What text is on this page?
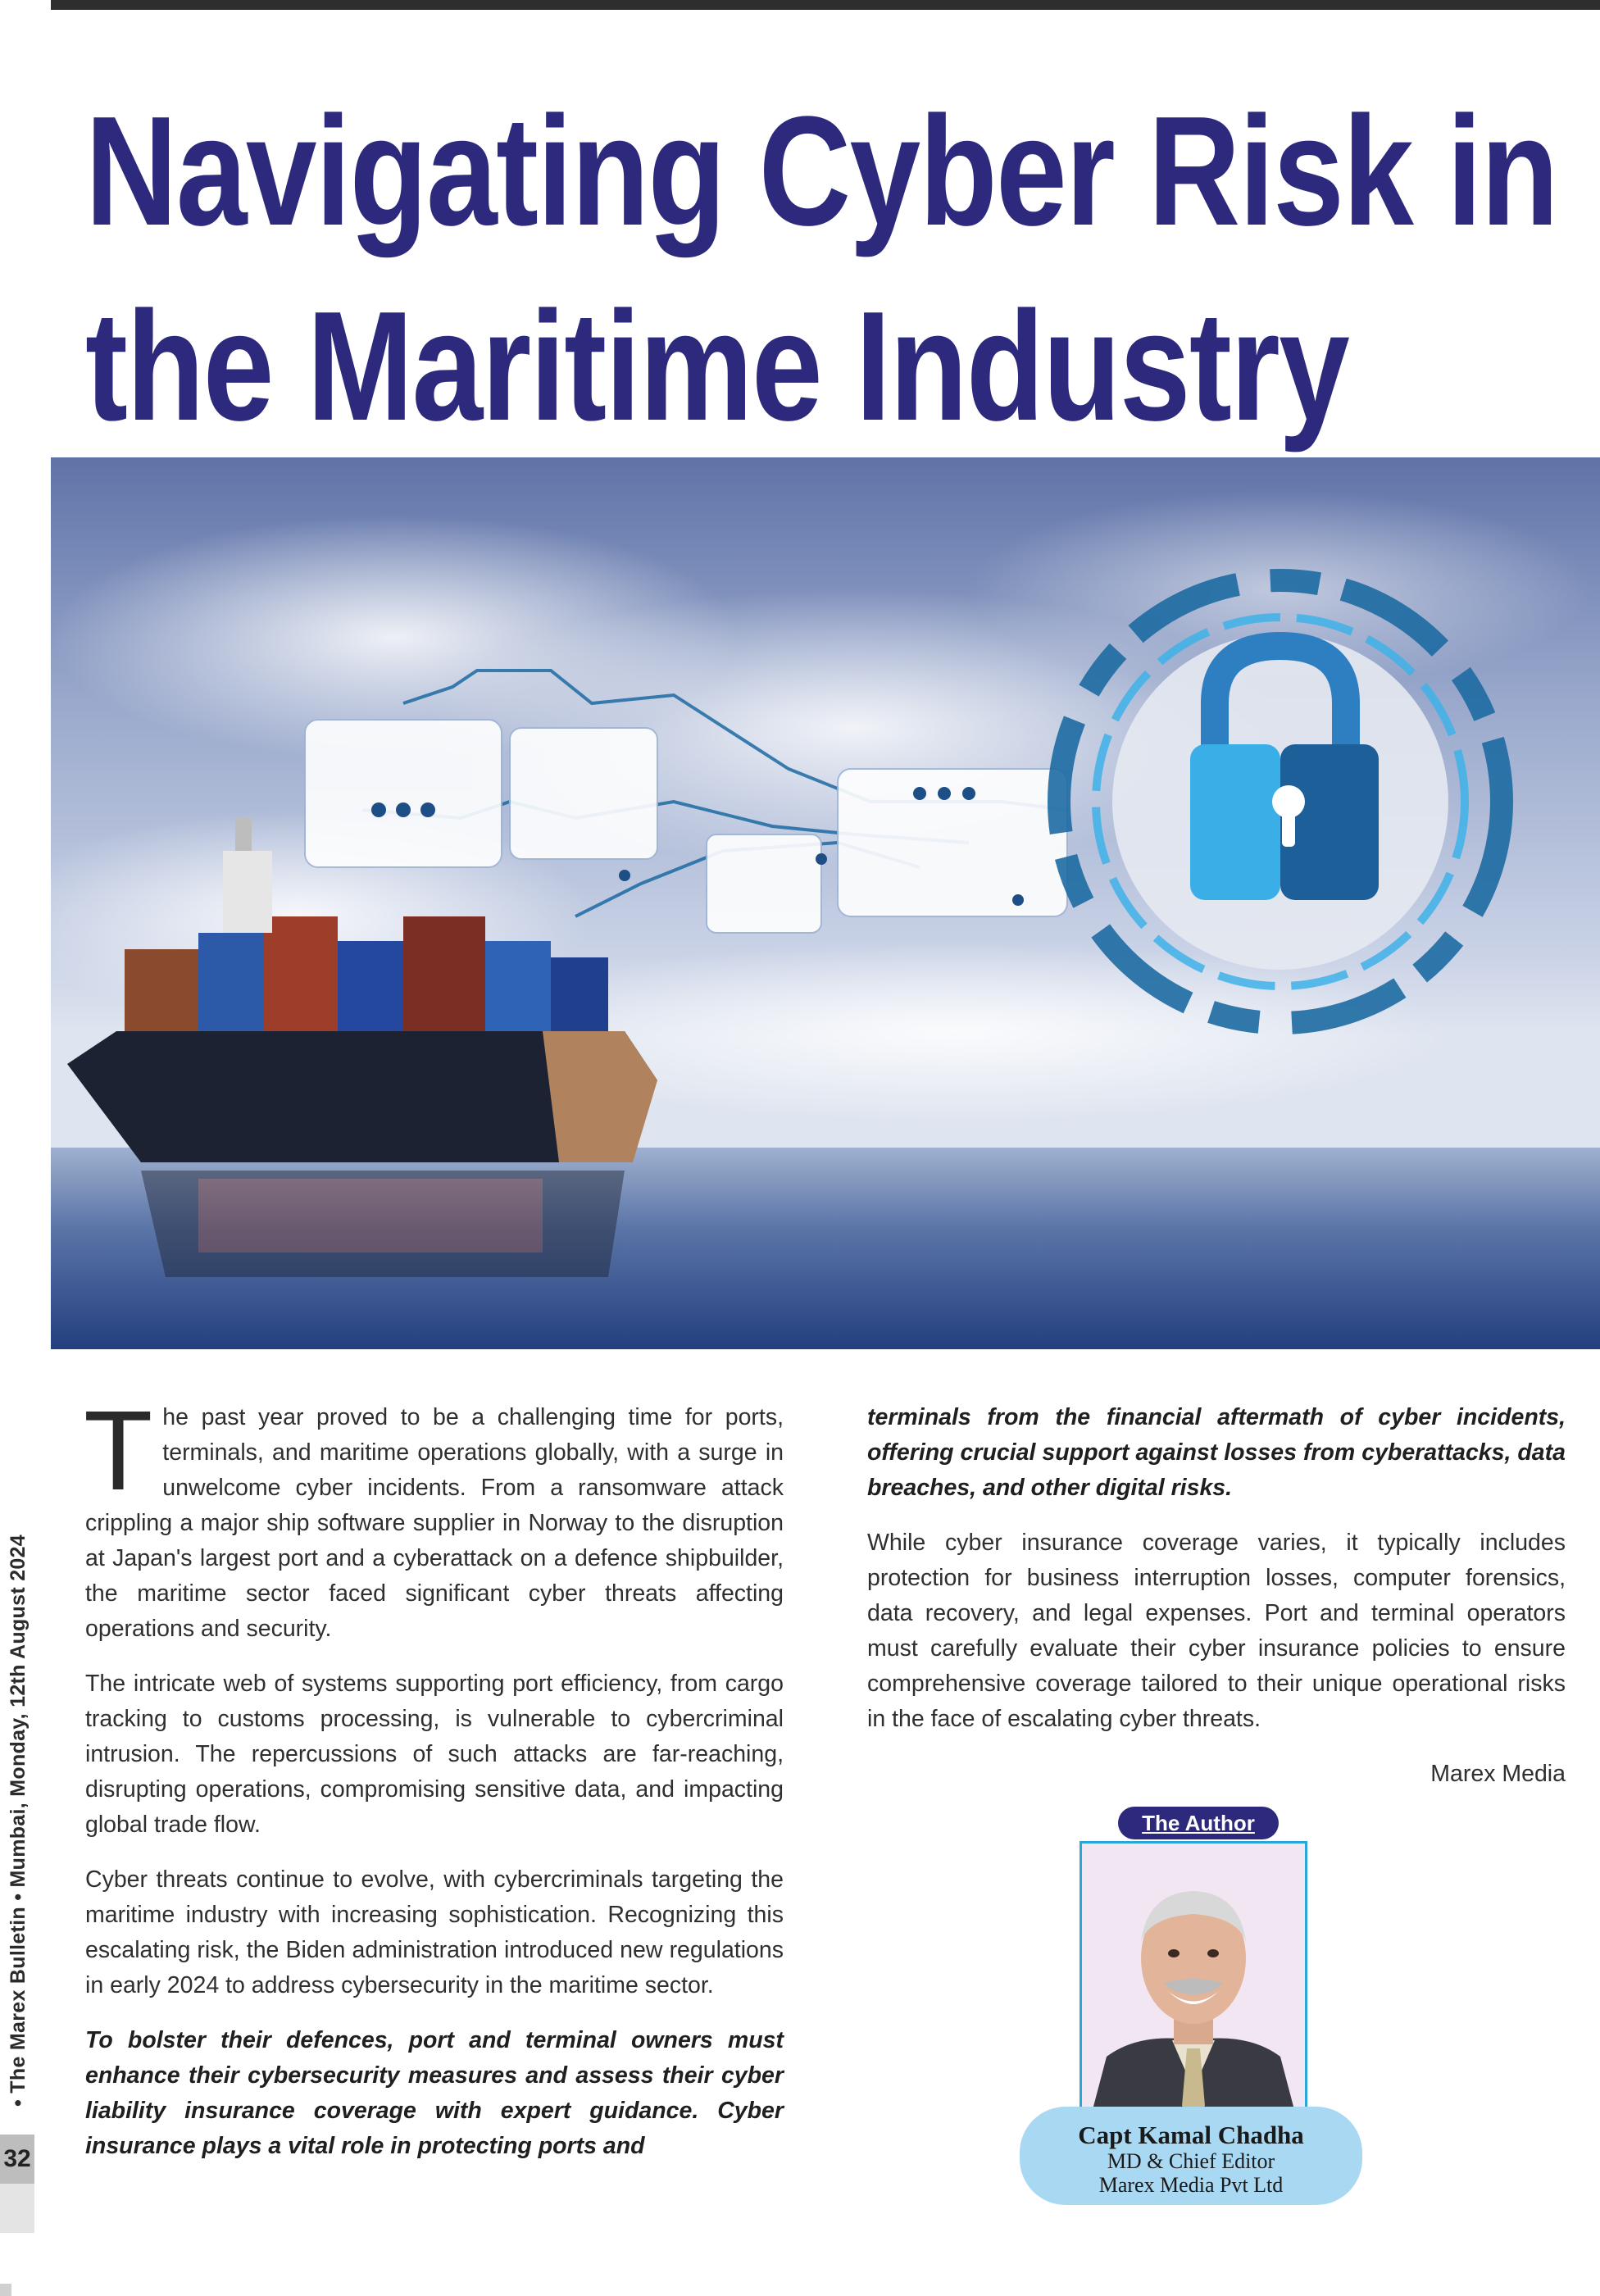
Navigating Cyber Risk in
the Maritime Industry
• The Marex Bulletin • Mumbai, Monday, 12th August 2024
32

The past year proved to be a challenging time for ports, terminals, and maritime operations globally, with a surge in unwelcome cyber incidents. From a ransomware attack crippling a major ship software supplier in Norway to the disruption at Japan's largest port and a cyberattack on a defence shipbuilder, the maritime sector faced significant cyber threats affecting operations and security.

The intricate web of systems supporting port efficiency, from cargo tracking to customs processing, is vulnerable to cybercriminal intrusion. The repercussions of such attacks are far-reaching, disrupting operations, compromising sensitive data, and impacting global trade flow.

Cyber threats continue to evolve, with cybercriminals targeting the maritime industry with increasing sophistication. Recognizing this escalating risk, the Biden administration introduced new regulations in early 2024 to address cybersecurity in the maritime sector.

To bolster their defences, port and terminal owners must enhance their cybersecurity measures and assess their cyber liability insurance coverage with expert guidance. Cyber insurance plays a vital role in protecting ports and

terminals from the financial aftermath of cyber incidents, offering crucial support against losses from cyberattacks, data breaches, and other digital risks.

While cyber insurance coverage varies, it typically includes protection for business interruption losses, computer forensics, data recovery, and legal expenses. Port and terminal operators must carefully evaluate their cyber insurance policies to ensure comprehensive coverage tailored to their unique operational risks in the face of escalating cyber threats.

Marex Media

The Author
Capt Kamal Chadha
MD & Chief Editor
Marex Media Pvt Ltd
